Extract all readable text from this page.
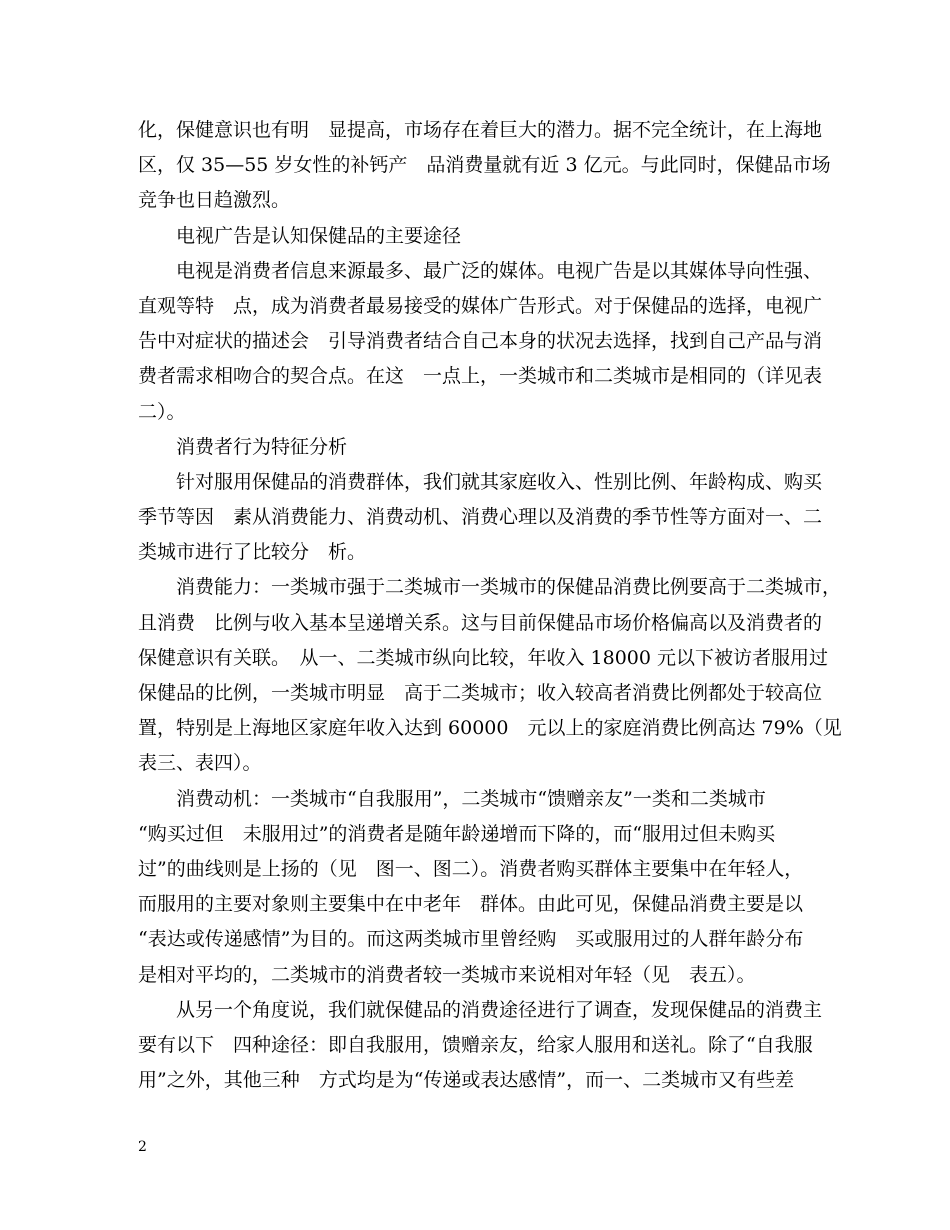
化，保健意识也有明　显提高，市场存在着巨大的潜力。据不完全统计，在上海地
区，仅 35—55 岁女性的补钙产　品消费量就有近 3 亿元。与此同时，保健品市场
竞争也日趋激烈。
电视广告是认知保健品的主要途径
电视是消费者信息来源最多、最广泛的媒体。电视广告是以其媒体导向性强、
直观等特　点，成为消费者最易接受的媒体广告形式。对于保健品的选择，电视广
告中对症状的描述会　引导消费者结合自己本身的状况去选择，找到自己产品与消
费者需求相吻合的契合点。在这　一点上，一类城市和二类城市是相同的（详见表
二）。
消费者行为特征分析
针对服用保健品的消费群体，我们就其家庭收入、性别比例、年龄构成、购买
季节等因　素从消费能力、消费动机、消费心理以及消费的季节性等方面对一、二
类城市进行了比较分　析。
消费能力：一类城市强于二类城市一类城市的保健品消费比例要高于二类城市，
且消费　比例与收入基本呈递增关系。这与目前保健品市场价格偏高以及消费者的
保健意识有关联。　从一、二类城市纵向比较，年收入 18000 元以下被访者服用过
保健品的比例，一类城市明显　高于二类城市；收入较高者消费比例都处于较高位
置，特别是上海地区家庭年收入达到 60000　元以上的家庭消费比例高达 79%（见
表三、表四）。
消费动机：一类城市“自我服用”，二类城市“馈赠亲友”一类和二类城市
“购买过但　未服用过”的消费者是随年龄递增而下降的，而“服用过但未购买
过”的曲线则是上扬的（见　图一、图二）。消费者购买群体主要集中在年轻人，
而服用的主要对象则主要集中在中老年　群体。由此可见，保健品消费主要是以
“表达或传递感情”为目的。而这两类城市里曾经购　买或服用过的人群年龄分布
是相对平均的，二类城市的消费者较一类城市来说相对年轻（见　表五）。
从另一个角度说，我们就保健品的消费途径进行了调查，发现保健品的消费主
要有以下　四种途径：即自我服用，馈赠亲友，给家人服用和送礼。除了“自我服
用”之外，其他三种　方式均是为“传递或表达感情”，而一、二类城市又有些差
2
